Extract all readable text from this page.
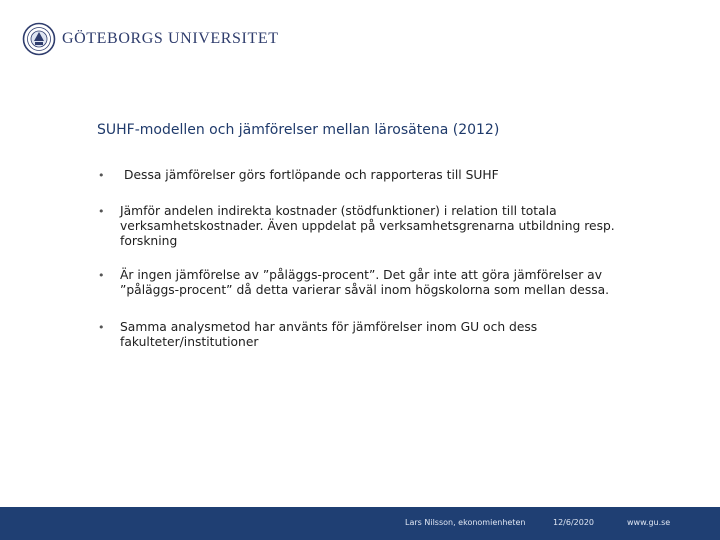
GÖTEBORGS UNIVERSITET
SUHF-modellen och jämförelser mellan lärosätena (2012)
• Dessa jämförelser görs fortlöpande och rapporteras till SUHF
• Jämför andelen indirekta kostnader (stödfunktioner) i relation till totala verksamhetskostnader. Även uppdelat på verksamhetsgrenarna utbildning resp. forskning
• Är ingen jämförelse av ”påläggs-procent”. Det går inte att göra jämförelser av ”påläggs-procent” då detta varierar såväl inom högskolorna som mellan dessa.
• Samma analysmetod har använts för jämförelser inom GU och dess fakulteter/institutioner
Lars Nilsson, ekonomienheten	12/6/2020	www.gu.se
